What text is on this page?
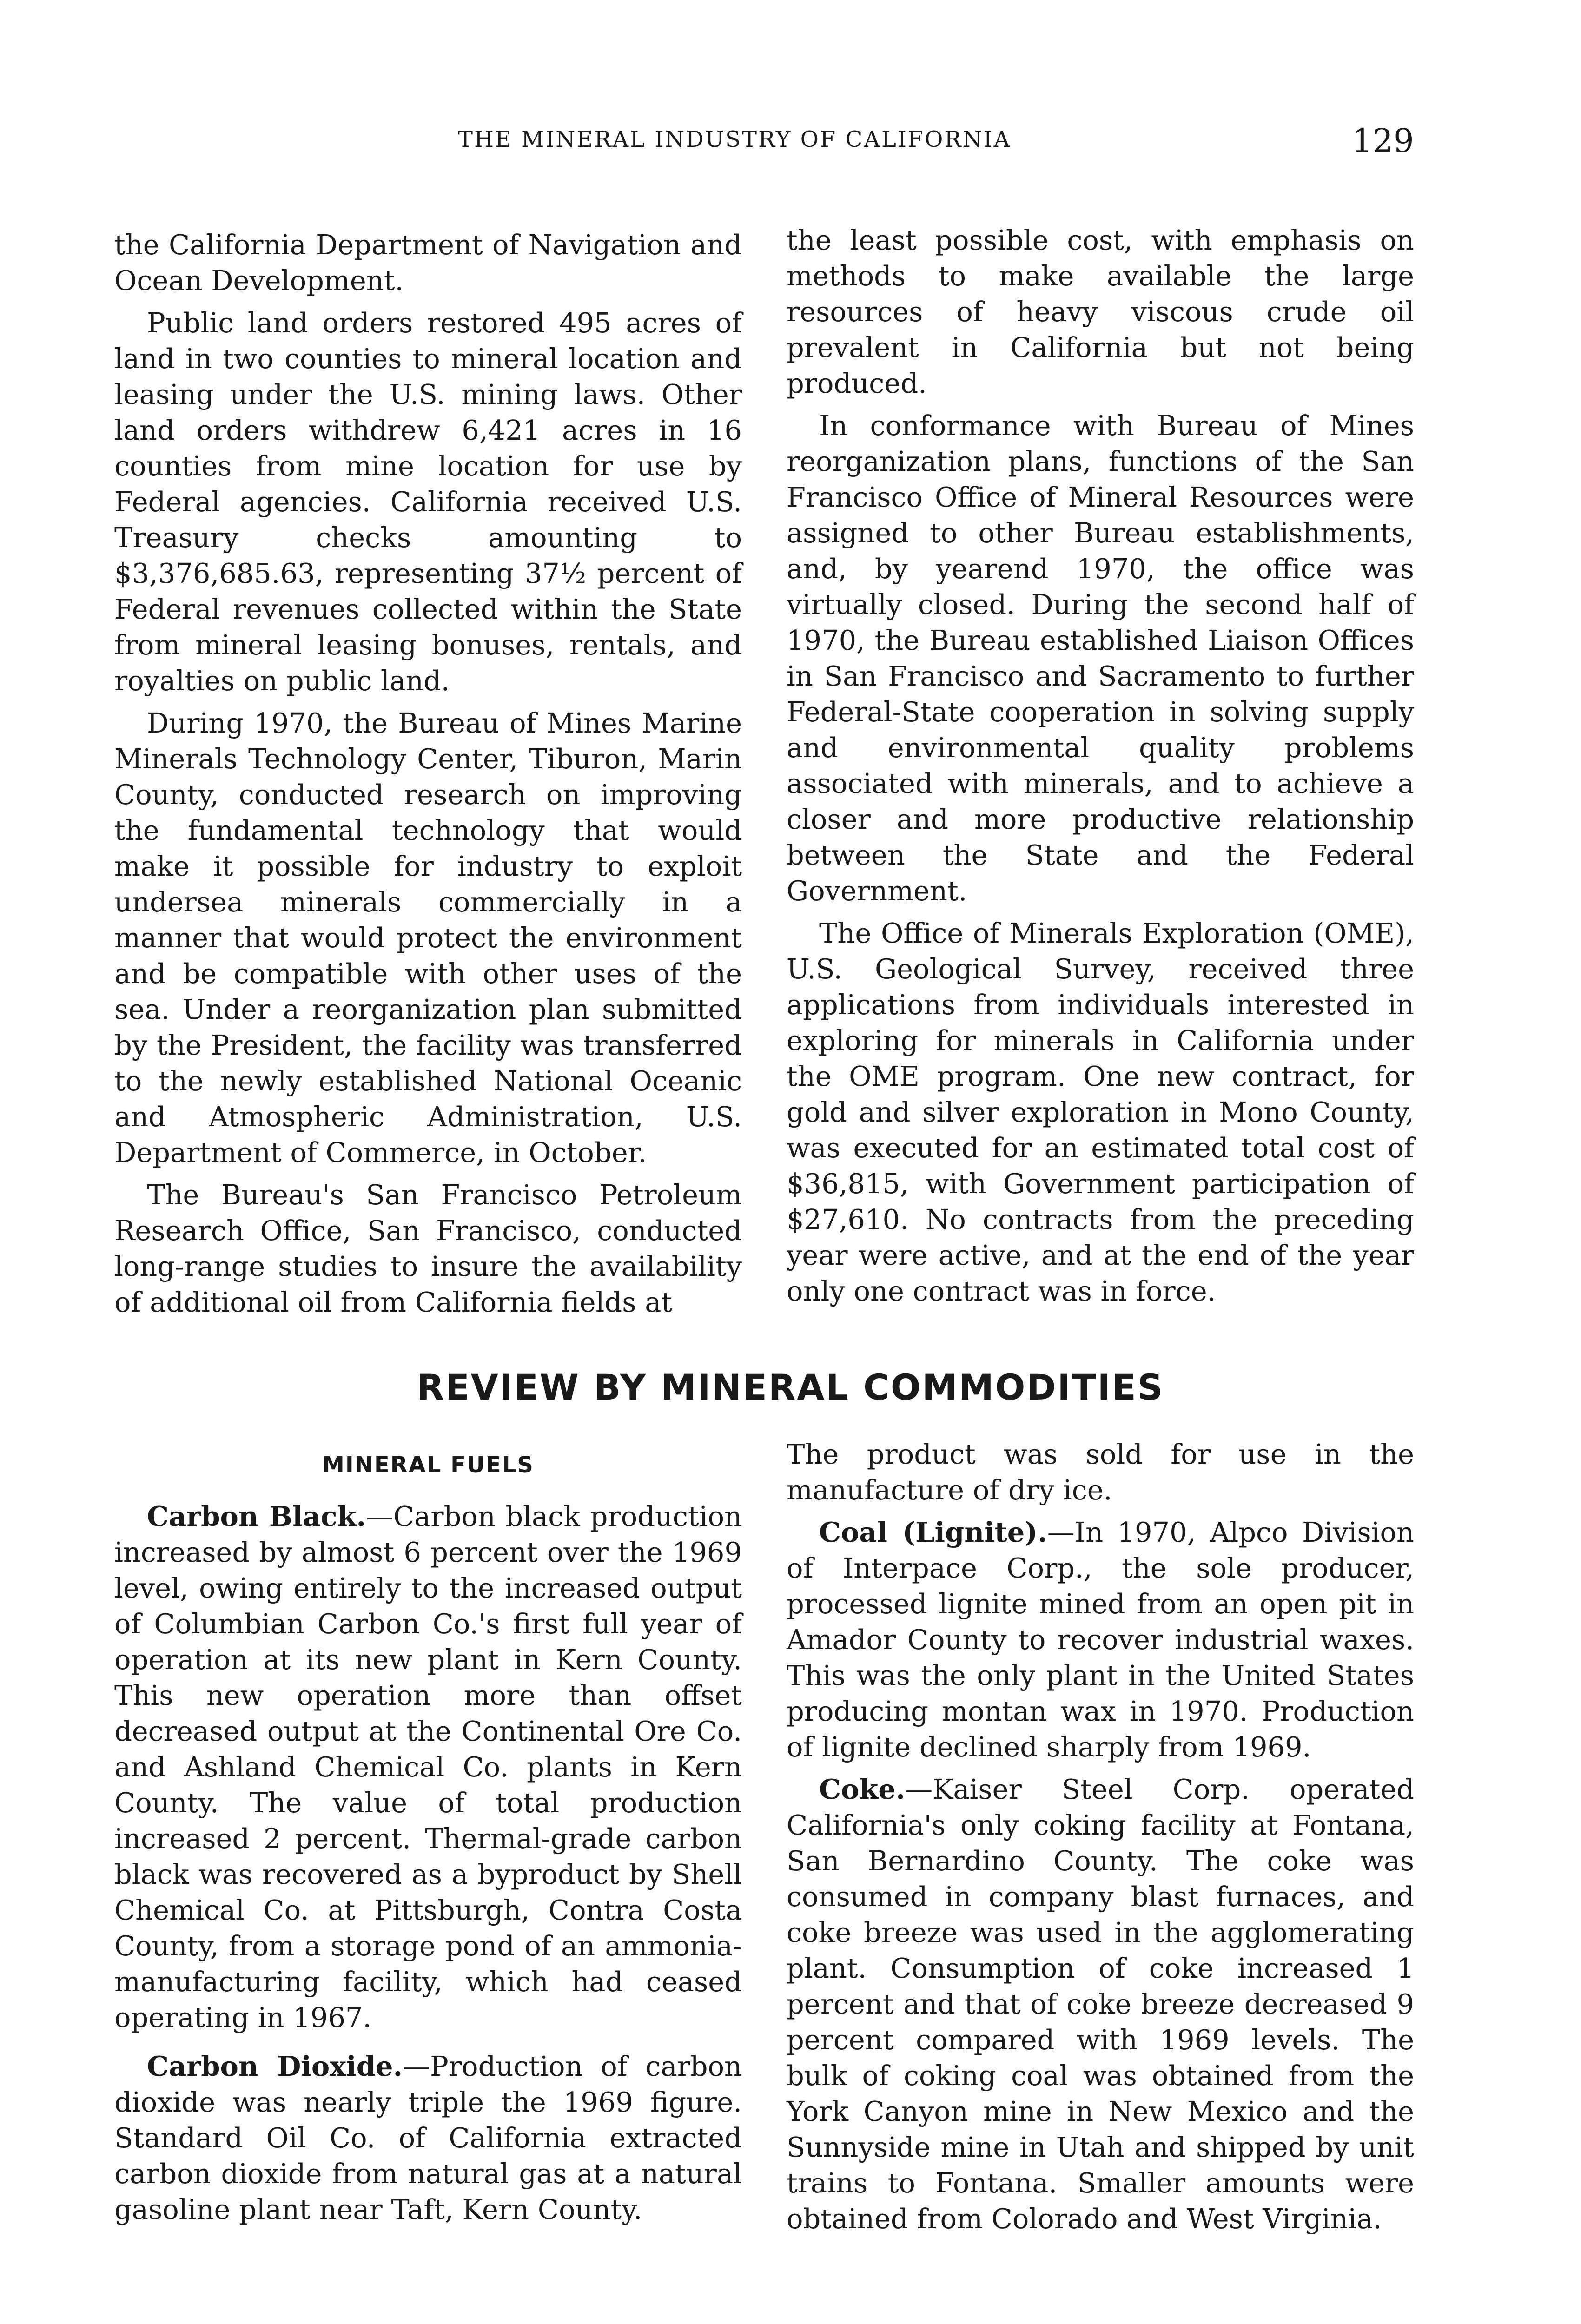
THE MINERAL INDUSTRY OF CALIFORNIA	129

the California Department of Navigation and Ocean Development.

Public land orders restored 495 acres of land in two counties to mineral location and leasing under the U.S. mining laws. Other land orders withdrew 6,421 acres in 16 counties from mine location for use by Federal agencies. California received U.S. Treasury checks amounting to $3,376,685.63, representing 37½ percent of Federal revenues collected within the State from mineral leasing bonuses, rentals, and royalties on public land.

During 1970, the Bureau of Mines Marine Minerals Technology Center, Tiburon, Marin County, conducted research on improving the fundamental technology that would make it possible for industry to exploit undersea minerals commercially in a manner that would protect the environment and be compatible with other uses of the sea. Under a reorganization plan submitted by the President, the facility was transferred to the newly established National Oceanic and Atmospheric Administration, U.S. Department of Commerce, in October.

The Bureau's San Francisco Petroleum Research Office, San Francisco, conducted long-range studies to insure the availability of additional oil from California fields at

the least possible cost, with emphasis on methods to make available the large resources of heavy viscous crude oil prevalent in California but not being produced.

In conformance with Bureau of Mines reorganization plans, functions of the San Francisco Office of Mineral Resources were assigned to other Bureau establishments, and, by yearend 1970, the office was virtually closed. During the second half of 1970, the Bureau established Liaison Offices in San Francisco and Sacramento to further Federal-State cooperation in solving supply and environmental quality problems associated with minerals, and to achieve a closer and more productive relationship between the State and the Federal Government.

The Office of Minerals Exploration (OME), U.S. Geological Survey, received three applications from individuals interested in exploring for minerals in California under the OME program. One new contract, for gold and silver exploration in Mono County, was executed for an estimated total cost of $36,815, with Government participation of $27,610. No contracts from the preceding year were active, and at the end of the year only one contract was in force.

REVIEW BY MINERAL COMMODITIES
MINERAL FUELS

Carbon Black.—Carbon black production increased by almost 6 percent over the 1969 level, owing entirely to the increased output of Columbian Carbon Co.'s first full year of operation at its new plant in Kern County. This new operation more than offset decreased output at the Continental Ore Co. and Ashland Chemical Co. plants in Kern County. The value of total production increased 2 percent. Thermal-grade carbon black was recovered as a byproduct by Shell Chemical Co. at Pittsburgh, Contra Costa County, from a storage pond of an ammonia-manufacturing facility, which had ceased operating in 1967.

Carbon Dioxide.—Production of carbon dioxide was nearly triple the 1969 figure. Standard Oil Co. of California extracted carbon dioxide from natural gas at a natural gasoline plant near Taft, Kern County.

The product was sold for use in the manufacture of dry ice.

Coal (Lignite).—In 1970, Alpco Division of Interpace Corp., the sole producer, processed lignite mined from an open pit in Amador County to recover industrial waxes. This was the only plant in the United States producing montan wax in 1970. Production of lignite declined sharply from 1969.

Coke.—Kaiser Steel Corp. operated California's only coking facility at Fontana, San Bernardino County. The coke was consumed in company blast furnaces, and coke breeze was used in the agglomerating plant. Consumption of coke increased 1 percent and that of coke breeze decreased 9 percent compared with 1969 levels. The bulk of coking coal was obtained from the York Canyon mine in New Mexico and the Sunnyside mine in Utah and shipped by unit trains to Fontana. Smaller amounts were obtained from Colorado and West Virginia.
